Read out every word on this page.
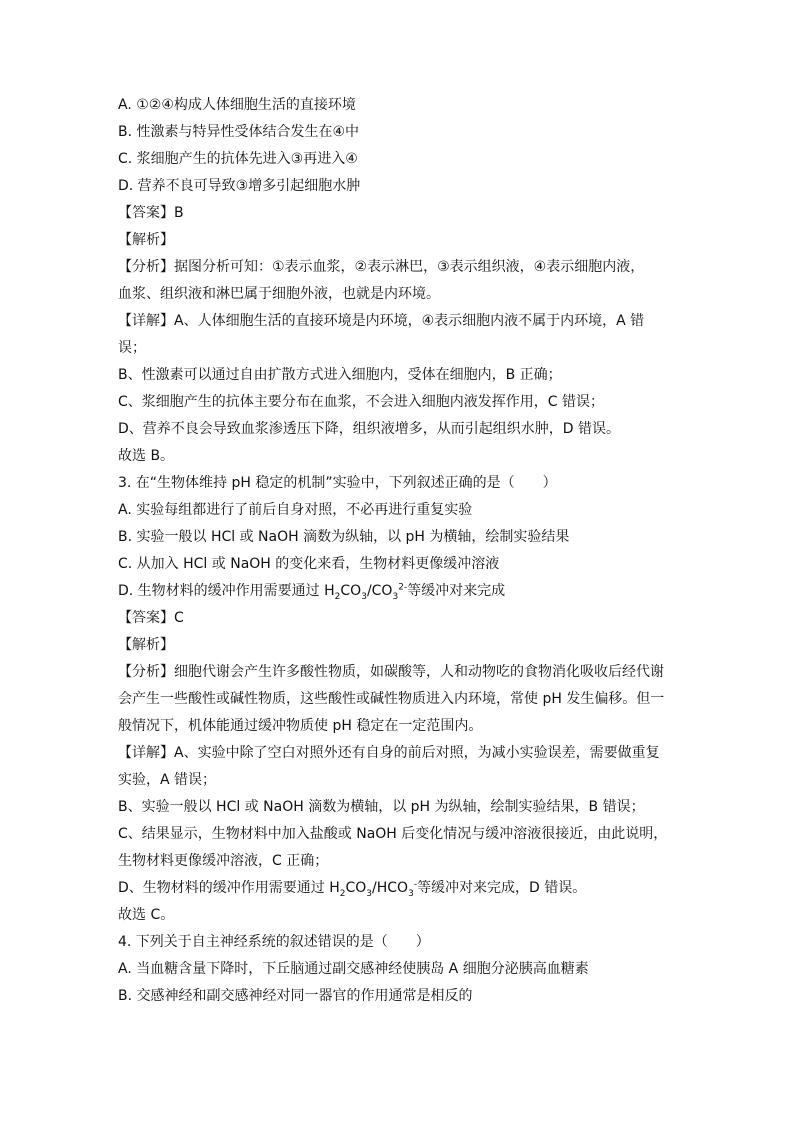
A. ①②④构成人体细胞生活的直接环境
B. 性激素与特异性受体结合发生在④中
C. 浆细胞产生的抗体先进入③再进入④
D. 营养不良可导致③增多引起细胞水肿
【答案】B
【解析】
【分析】据图分析可知：①表示血浆，②表示淋巴，③表示组织液，④表示细胞内液，
血浆、组织液和淋巴属于细胞外液，也就是内环境。
【详解】A、人体细胞生活的直接环境是内环境，④表示细胞内液不属于内环境，A 错
误；
B、性激素可以通过自由扩散方式进入细胞内，受体在细胞内，B 正确；
C、浆细胞产生的抗体主要分布在血浆，不会进入细胞内液发挥作用，C 错误；
D、营养不良会导致血浆渗透压下降，组织液增多，从而引起组织水肿，D 错误。
故选 B。
3. 在“生物体维持 pH 稳定的机制”实验中，下列叙述正确的是（　　）
A. 实验每组都进行了前后自身对照，不必再进行重复实验
B. 实验一般以 HCl 或 NaOH 滴数为纵轴，以 pH 为横轴，绘制实验结果
C. 从加入 HCl 或 NaOH 的变化来看，生物材料更像缓冲溶液
D. 生物材料的缓冲作用需要通过 $H_2CO_3/CO_3^{2-}$等缓冲对来完成
【答案】C
【解析】
【分析】细胞代谢会产生许多酸性物质，如碳酸等，人和动物吃的食物消化吸收后经代谢
会产生一些酸性或碱性物质，这些酸性或碱性物质进入内环境，常使 pH 发生偏移。但一
般情况下，机体能通过缓冲物质使 pH 稳定在一定范围内。
【详解】A、实验中除了空白对照外还有自身的前后对照，为减小实验误差，需要做重复
实验，A 错误；
B、实验一般以 HCl 或 NaOH 滴数为横轴，以 pH 为纵轴，绘制实验结果，B 错误；
C、结果显示，生物材料中加入盐酸或 NaOH 后变化情况与缓冲溶液很接近，由此说明，
生物材料更像缓冲溶液，C 正确；
D、生物材料的缓冲作用需要通过 $H_2CO_3/HCO_3^-$等缓冲对来完成，D 错误。
故选 C。
4. 下列关于自主神经系统的叙述错误的是（　　）
A. 当血糖含量下降时，下丘脑通过副交感神经使胰岛 A 细胞分泌胰高血糖素
B. 交感神经和副交感神经对同一器官的作用通常是相反的
